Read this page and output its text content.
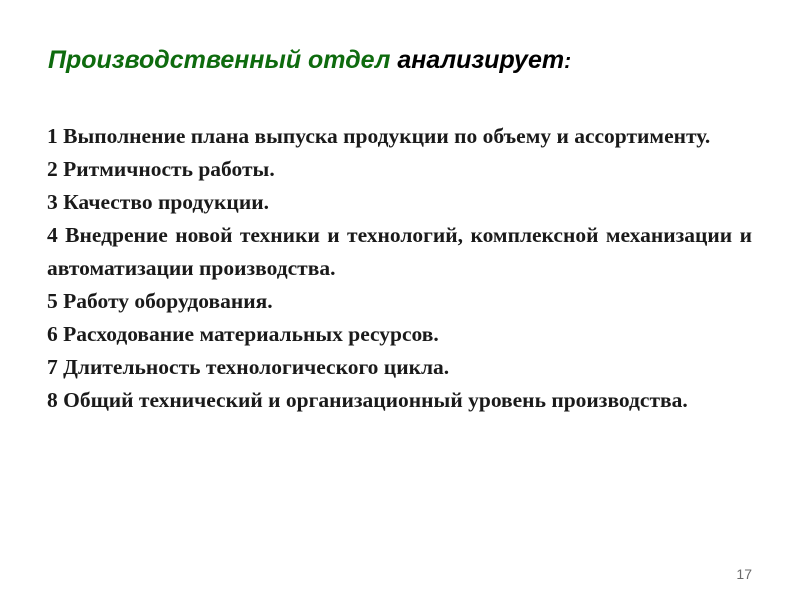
Производственный отдел анализирует:
1 Выполнение плана выпуска продукции по объему и ассортименту.
2 Ритмичность работы.
3 Качество продукции.
4 Внедрение новой техники и технологий, комплексной механизации и автоматизации производства.
5 Работу оборудования.
6 Расходование материальных ресурсов.
7 Длительность технологического цикла.
8 Общий технический и организационный уровень производства.
17
